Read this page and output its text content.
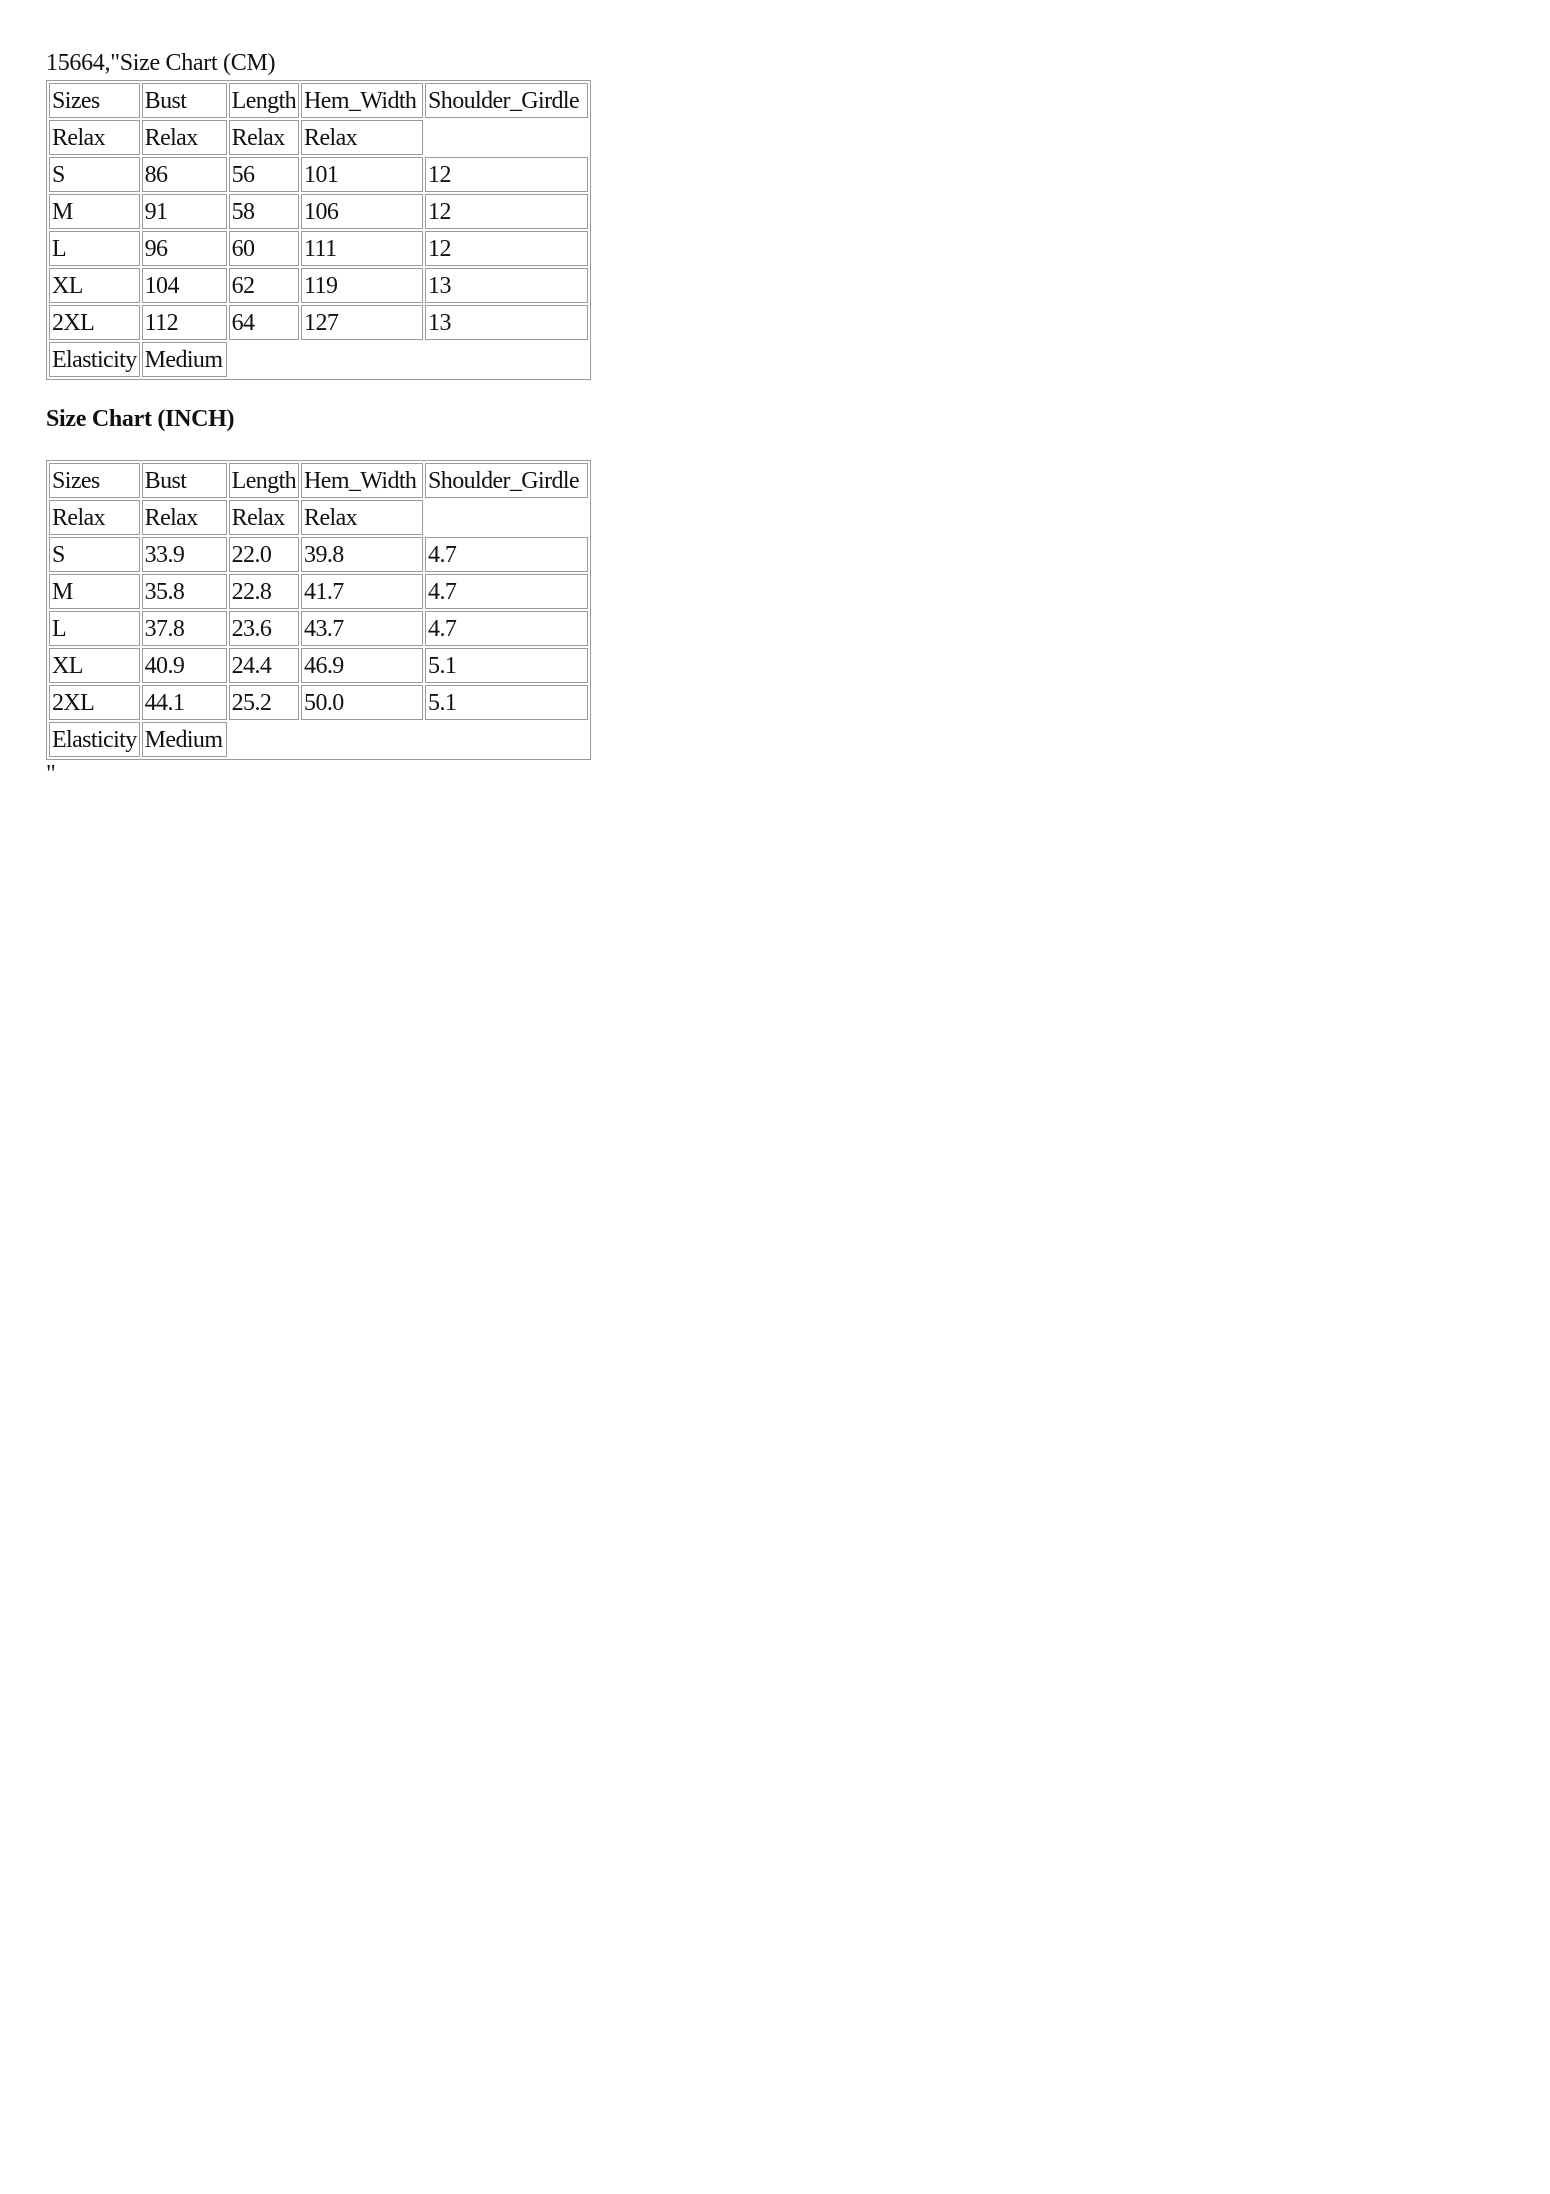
15664,"Size Chart (CM)
Sizes	Bust	Length	Hem_Width	Shoulder_Girdle
Relax	Relax	Relax	Relax	
S	86	56	101	12
M	91	58	106	12
L	96	60	111	12
XL	104	62	119	13
2XL	112	64	127	13
Elasticity	Medium			
Size Chart (INCH)
Sizes	Bust	Length	Hem_Width	Shoulder_Girdle
Relax	Relax	Relax	Relax	
S	33.9	22.0	39.8	4.7
M	35.8	22.8	41.7	4.7
L	37.8	23.6	43.7	4.7
XL	40.9	24.4	46.9	5.1
2XL	44.1	25.2	50.0	5.1
Elasticity	Medium			
"
